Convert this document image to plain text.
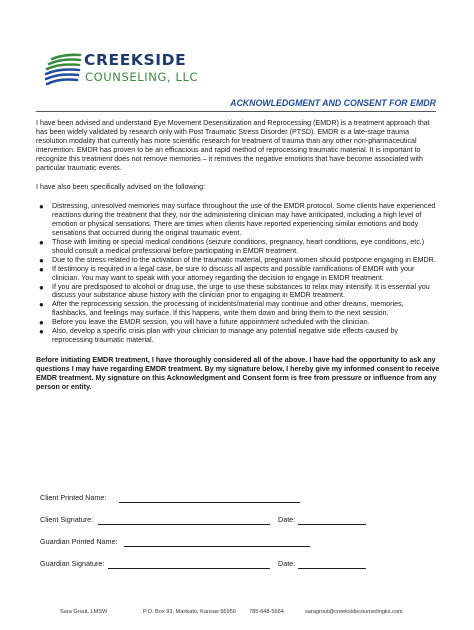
CREEKSIDE
COUNSELING, LLC
ACKNOWLEDGMENT AND CONSENT FOR EMDR

I have been advised and understand Eye Movement Desensitization and Reprocessing (EMDR) is a treatment approach that has been widely validated by research only with Post Traumatic Stress Disorder (PTSD). EMDR is a late-stage trauma resolution modality that currently has more scientific research for treatment of trauma than any other non-pharmaceutical intervention. EMDR has proven to be an efficacious and rapid method of reprocessing traumatic material. It is important to recognize this treatment does not remove memories – it removes the negative emotions that have become associated with particular traumatic events.

I have also been specifically advised on the following:

● Distressing, unresolved memories may surface throughout the use of the EMDR protocol. Some clients have experienced reactions during the treatment that they, nor the administering clinician may have anticipated, including a high level of emotion or physical sensations. There are times when clients have reported experiencing similar emotions and body sensations that occurred during the original traumatic event.
● Those with limiting or special medical conditions (seizure conditions, pregnancy, heart conditions, eye conditions, etc.) should consult a medical professional before participating in EMDR treatment.
● Due to the stress related to the activation of the traumatic material, pregnant women should postpone engaging in EMDR.
● If testimony is required in a legal case, be sure to discuss all aspects and possible ramifications of EMDR with your clinician. You may want to speak with your attorney regarding the decision to engage in EMDR treatment.
● If you are predisposed to alcohol or drug use, the urge to use these substances to relax may intensify. It is essential you discuss your substance abuse history with the clinician prior to engaging in EMDR treatment.
● After the reprocessing session, the processing of incidents/material may continue and other dreams, memories, flashbacks, and feelings may surface. If this happens, write them down and bring them to the next session.
● Before you leave the EMDR session, you will have a future appointment scheduled with the clinician.
● Also, develop a specific crisis plan with your clinician to manage any potential negative side effects caused by reprocessing traumatic material.

Before initiating EMDR treatment, I have thoroughly considered all of the above. I have had the opportunity to ask any questions I may have regarding EMDR treatment. By my signature below, I hereby give my informed consent to receive EMDR treatment. My signature on this Acknowledgment and Consent form is free from pressure or influence from any person or entity.

Client Printed Name:
Client Signature:	Date:
Guardian Printed Name:
Guardian Signature:	Date:
Sara Grout, LMSW	P.O. Box 93, Mankato, Kansas 66956 785-648-5664	saragrout@creeksidecounselingks.com
